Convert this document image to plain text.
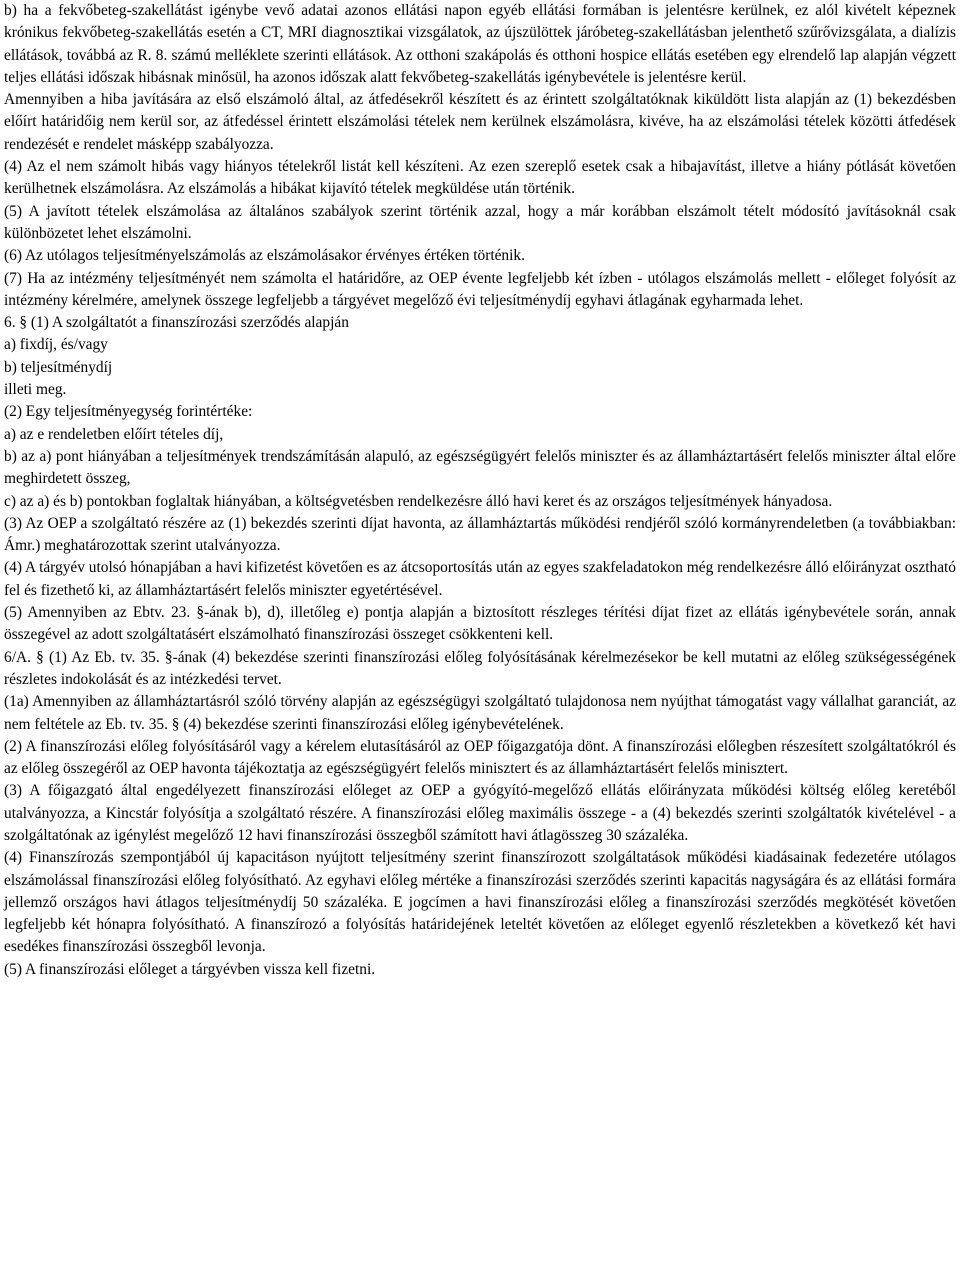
b) ha a fekvőbeteg-szakellátást igénybe vevő adatai azonos ellátási napon egyéb ellátási formában is jelentésre kerülnek, ez alól kivételt képeznek krónikus fekvőbeteg-szakellátás esetén a CT, MRI diagnosztikai vizsgálatok, az újszülöttek járóbeteg-szakellátásban jelenthető szűrővizsgálata, a dialízis ellátások, továbbá az R. 8. számú melléklete szerinti ellátások. Az otthoni szakápolás és otthoni hospice ellátás esetében egy elrendelő lap alapján végzett teljes ellátási időszak hibásnak minősül, ha azonos időszak alatt fekvőbeteg-szakellátás igénybevétele is jelentésre kerül.

Amennyiben a hiba javítására az első elszámoló által, az átfedésekről készített és az érintett szolgáltatóknak kiküldött lista alapján az (1) bekezdésben előírt határidőig nem kerül sor, az átfedéssel érintett elszámolási tételek nem kerülnek elszámolásra, kivéve, ha az elszámolási tételek közötti átfedések rendezését e rendelet másképp szabályozza.

(4) Az el nem számolt hibás vagy hiányos tételekről listát kell készíteni. Az ezen szereplő esetek csak a hibajavítást, illetve a hiány pótlását követően kerülhetnek elszámolásra. Az elszámolás a hibákat kijavító tételek megküldése után történik.

(5) A javított tételek elszámolása az általános szabályok szerint történik azzal, hogy a már korábban elszámolt tételt módosító javításoknál csak különbözetet lehet elszámolni.

(6) Az utólagos teljesítményelszámolás az elszámolásakor érvényes értéken történik.

(7) Ha az intézmény teljesítményét nem számolta el határidőre, az OEP évente legfeljebb két ízben - utólagos elszámolás mellett - előleget folyósít az intézmény kérelmére, amelynek összege legfeljebb a tárgyévet megelőző évi teljesítménydíj egyhavi átlagának egyharmada lehet.

6. § (1) A szolgáltatót a finanszírozási szerződés alapján

a) fixdíj, és/vagy

b) teljesítménydíj

illeti meg.

(2) Egy teljesítményegység forintértéke:

a) az e rendeletben előírt tételes díj,

b) az a) pont hiányában a teljesítmények trendszámításán alapuló, az egészségügyért felelős miniszter és az államháztartásért felelős miniszter által előre meghirdetett összeg,

c) az a) és b) pontokban foglaltak hiányában, a költségvetésben rendelkezésre álló havi keret és az országos teljesítmények hányadosa.

(3) Az OEP a szolgáltató részére az (1) bekezdés szerinti díjat havonta, az államháztartás működési rendjéről szóló kormányrendeletben (a továbbiakban: Ámr.) meghatározottak szerint utalványozza.

(4) A tárgyév utolsó hónapjában a havi kifizetést követően es az átcsoportosítás után az egyes szakfeladatokon még rendelkezésre álló előirányzat osztható fel és fizethető ki, az államháztartásért felelős miniszter egyetértésével.

(5) Amennyiben az Ebtv. 23. §-ának b), d), illetőleg e) pontja alapján a biztosított részleges térítési díjat fizet az ellátás igénybevétele során, annak összegével az adott szolgáltatásért elszámolható finanszírozási összeget csökkenteni kell.

6/A. § (1) Az Eb. tv. 35. §-ának (4) bekezdése szerinti finanszírozási előleg folyósításának kérelmezésekor be kell mutatni az előleg szükségességének részletes indokolását és az intézkedési tervet.

(1a) Amennyiben az államháztartásról szóló törvény alapján az egészségügyi szolgáltató tulajdonosa nem nyújthat támogatást vagy vállalhat garanciát, az nem feltétele az Eb. tv. 35. § (4) bekezdése szerinti finanszírozási előleg igénybevételének.

(2) A finanszírozási előleg folyósításáról vagy a kérelem elutasításáról az OEP főigazgatója dönt. A finanszírozási előlegben részesített szolgáltatókról és az előleg összegéről az OEP havonta tájékoztatja az egészségügyért felelős minisztert és az államháztartásért felelős minisztert.

(3) A főigazgató által engedélyezett finanszírozási előleget az OEP a gyógyító-megelőző ellátás előirányzata működési költség előleg keretéből utalványozza, a Kincstár folyósítja a szolgáltató részére. A finanszírozási előleg maximális összege - a (4) bekezdés szerinti szolgáltatók kivételével - a szolgáltatónak az igénylést megelőző 12 havi finanszírozási összegből számított havi átlagösszeg 30 százaléka.

(4) Finanszírozás szempontjából új kapacitáson nyújtott teljesítmény szerint finanszírozott szolgáltatások működési kiadásainak fedezetére utólagos elszámolással finanszírozási előleg folyósítható. Az egyhavi előleg mértéke a finanszírozási szerződés szerinti kapacitás nagyságára és az ellátási formára jellemző országos havi átlagos teljesítménydíj 50 százaléka. E jogcímen a havi finanszírozási előleg a finanszírozási szerződés megkötését követően legfeljebb két hónapra folyósítható. A finanszírozó a folyósítás határidejének leteltét követően az előleget egyenlő részletekben a következő két havi esedékes finanszírozási összegből levonja.

(5) A finanszírozási előleget a tárgyévben vissza kell fizetni.
